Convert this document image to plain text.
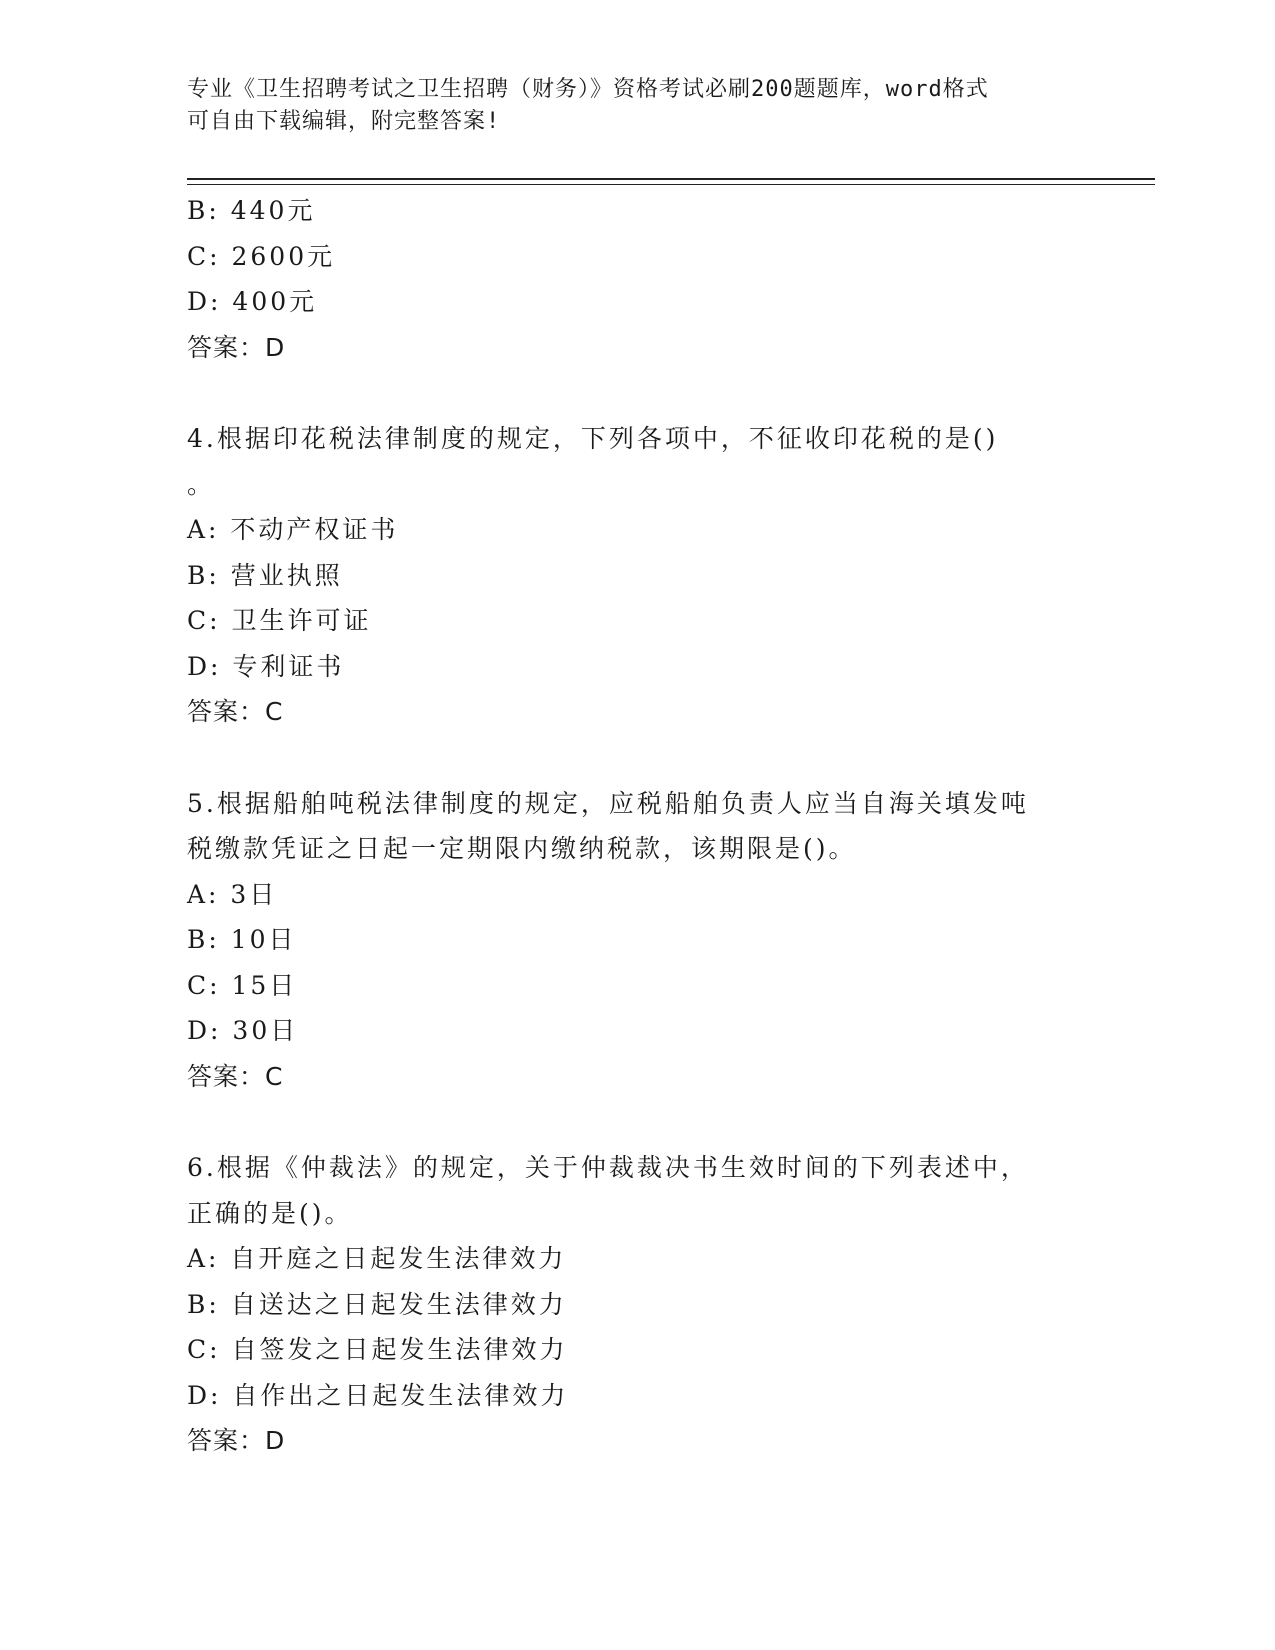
专业《卫生招聘考试之卫生招聘（财务）》资格考试必刷200题题库，word格式
可自由下载编辑，附完整答案!
B: 440元
C: 2600元
D: 400元
答案：D
4.根据印花税法律制度的规定，下列各项中，不征收印花税的是()
。
A: 不动产权证书
B: 营业执照
C: 卫生许可证
D: 专利证书
答案：C
5.根据船舶吨税法律制度的规定，应税船舶负责人应当自海关填发吨
税缴款凭证之日起一定期限内缴纳税款，该期限是()。
A: 3日
B: 10日
C: 15日
D: 30日
答案：C
6.根据《仲裁法》的规定，关于仲裁裁决书生效时间的下列表述中，
正确的是()。
A: 自开庭之日起发生法律效力
B: 自送达之日起发生法律效力
C: 自签发之日起发生法律效力
D: 自作出之日起发生法律效力
答案：D
